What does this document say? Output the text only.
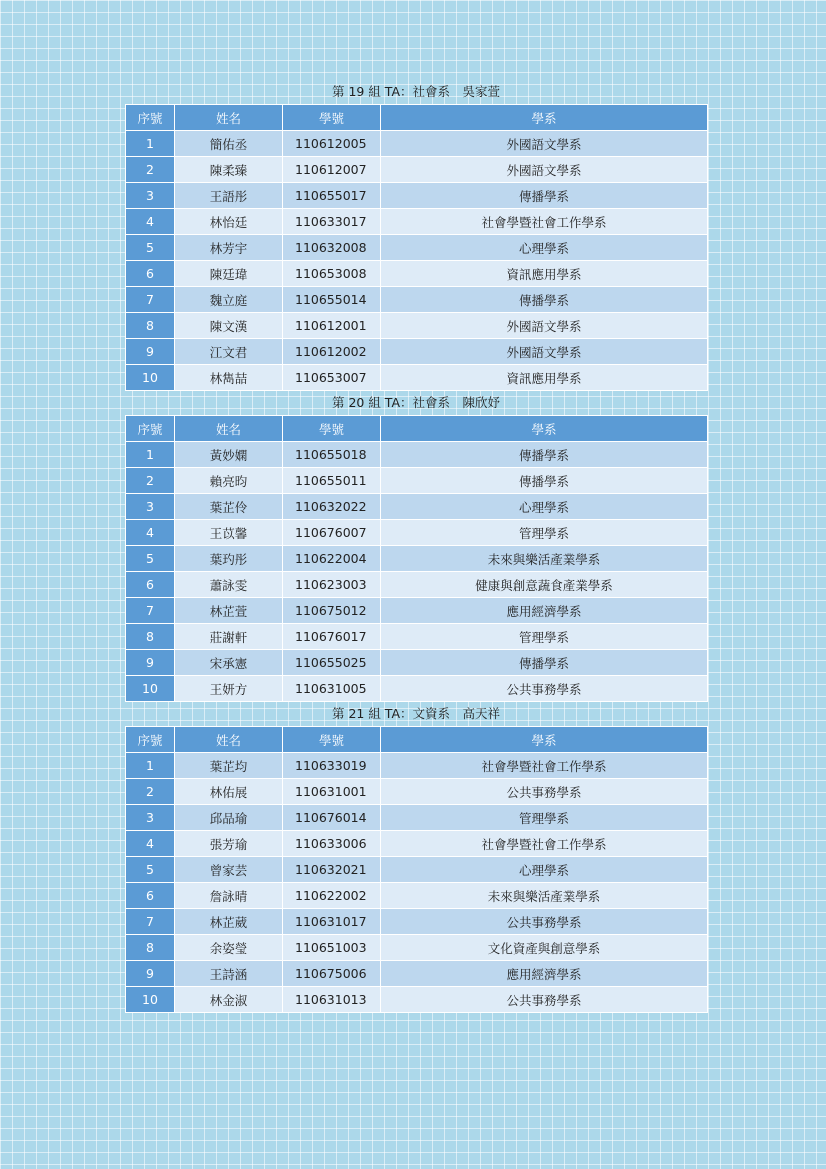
第 19 組 TA：社會系　吳家萱
序號	姓名	學號	學系
1	簡佑丞	110612005	外國語文學系
2	陳柔臻	110612007	外國語文學系
3	王語彤	110655017	傳播學系
4	林怡廷	110633017	社會學暨社會工作學系
5	林芳宇	110632008	心理學系
6	陳廷瑋	110653008	資訊應用學系
7	魏立庭	110655014	傳播學系
8	陳文漢	110612001	外國語文學系
9	江文君	110612002	外國語文學系
10	林雋喆	110653007	資訊應用學系
第 20 組 TA：社會系　陳欣妤
序號	姓名	學號	學系
1	黃妙嫻	110655018	傳播學系
2	賴亮昀	110655011	傳播學系
3	葉芷伶	110632022	心理學系
4	王苡馨	110676007	管理學系
5	葉玓彤	110622004	未來與樂活產業學系
6	蕭詠雯	110623003	健康與創意蔬食產業學系
7	林芷萱	110675012	應用經濟學系
8	莊謝軒	110676017	管理學系
9	宋承憲	110655025	傳播學系
10	王妍方	110631005	公共事務學系
第 21 組 TA：文資系　高天祥
序號	姓名	學號	學系
1	葉芷均	110633019	社會學暨社會工作學系
2	林佑展	110631001	公共事務學系
3	邱品瑜	110676014	管理學系
4	張芳瑜	110633006	社會學暨社會工作學系
5	曾家芸	110632021	心理學系
6	詹詠晴	110622002	未來與樂活產業學系
7	林芷葳	110631017	公共事務學系
8	余姿瑩	110651003	文化資產與創意學系
9	王詩涵	110675006	應用經濟學系
10	林金淑	110631013	公共事務學系
